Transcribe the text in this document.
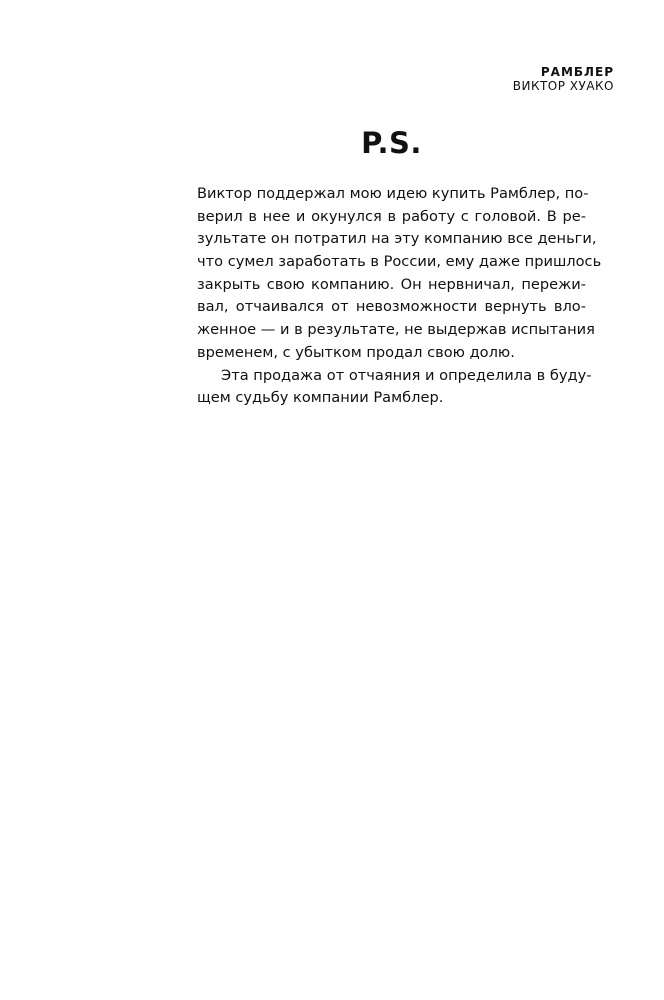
РАМБЛЕР
ВИКТОР ХУАКО
P.S.
Виктор поддержал мою идею купить Рамблер, по-
верил в нее и окунулся в работу с головой. В ре-
зультате он потратил на эту компанию все деньги,
что сумел заработать в России, ему даже пришлось
закрыть свою компанию. Он нервничал, пережи-
вал, отчаивался от невозможности вернуть вло-
женное — и в результате, не выдержав испытания
временем, с убытком продал свою долю.
Эта продажа от отчаяния и определила в буду-
щем судьбу компании Рамблер.
